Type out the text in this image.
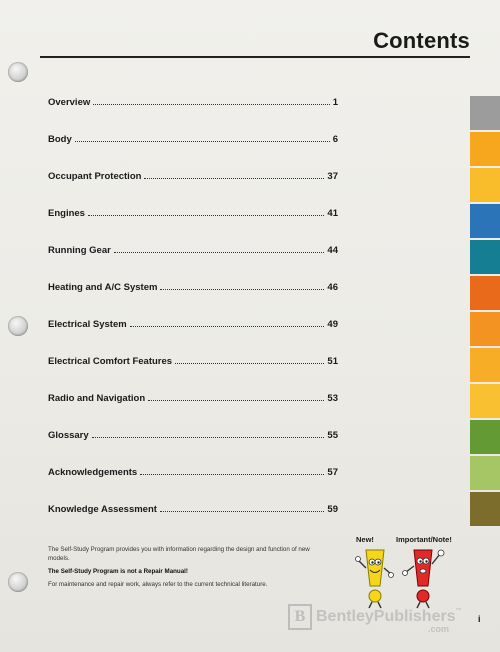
Contents
Overview	1
Body	6
Occupant Protection	37
Engines	41
Running Gear	44
Heating and A/C System	46
Electrical System	49
Electrical Comfort Features	51
Radio and Navigation	53
Glossary	55
Acknowledgements	57
Knowledge Assessment	59

The Self-Study Program provides you with information regarding the design and function of new models.

The Self-Study Program is not a Repair Manual!

For maintenance and repair work, always refer to the current technical literature.

New!	Important/Note!
B BentleyPublishers™
.com
i
